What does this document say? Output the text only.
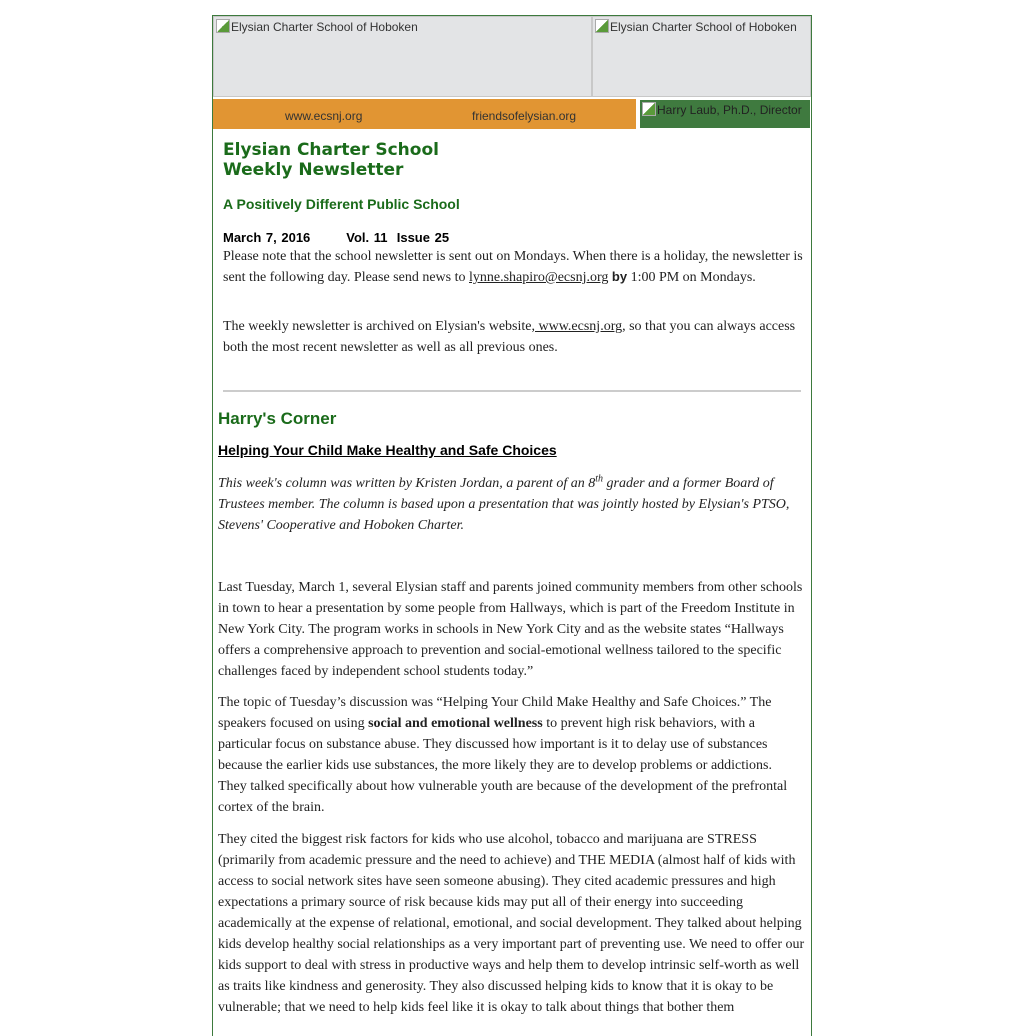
Elysian Charter School of Hoboken	Elysian Charter School of Hoboken
www.ecsnj.org	friendsofelysian.org	Harry Laub, Ph.D., Director
Elysian Charter School
Weekly Newsletter
A Positively Different Public School
March 7, 2016	Vol. 11  Issue 25
Please note that the school newsletter is sent out on Mondays. When there is a holiday, the newsletter is sent the following day. Please send news to lynne.shapiro@ecsnj.org by 1:00 PM on Mondays.
The weekly newsletter is archived on Elysian's website, www.ecsnj.org, so that you can always access both the most recent newsletter as well as all previous ones.
Harry's Corner
Helping Your Child Make Healthy and Safe Choices
This week's column was written by Kristen Jordan, a parent of an 8th grader and a former Board of Trustees member. The column is based upon a presentation that was jointly hosted by Elysian's PTSO, Stevens' Cooperative and Hoboken Charter.
Last Tuesday, March 1, several Elysian staff and parents joined community members from other schools in town to hear a presentation by some people from Hallways, which is part of the Freedom Institute in New York City. The program works in schools in New York City and as the website states “Hallways offers a comprehensive approach to prevention and social-emotional wellness tailored to the specific challenges faced by independent school students today.”
The topic of Tuesday’s discussion was “Helping Your Child Make Healthy and Safe Choices.” The speakers focused on using social and emotional wellness to prevent high risk behaviors, with a particular focus on substance abuse. They discussed how important is it to delay use of substances because the earlier kids use substances, the more likely they are to develop problems or addictions. They talked specifically about how vulnerable youth are because of the development of the prefrontal cortex of the brain.
They cited the biggest risk factors for kids who use alcohol, tobacco and marijuana are STRESS (primarily from academic pressure and the need to achieve) and THE MEDIA (almost half of kids with access to social network sites have seen someone abusing). They cited academic pressures and high expectations a primary source of risk because kids may put all of their energy into succeeding academically at the expense of relational, emotional, and social development. They talked about helping kids develop healthy social relationships as a very important part of preventing use. We need to offer our kids support to deal with stress in productive ways and help them to develop intrinsic self-worth as well as traits like kindness and generosity. They also discussed helping kids to know that it is okay to be vulnerable; that we need to help kids feel like it is okay to talk about things that bother them
